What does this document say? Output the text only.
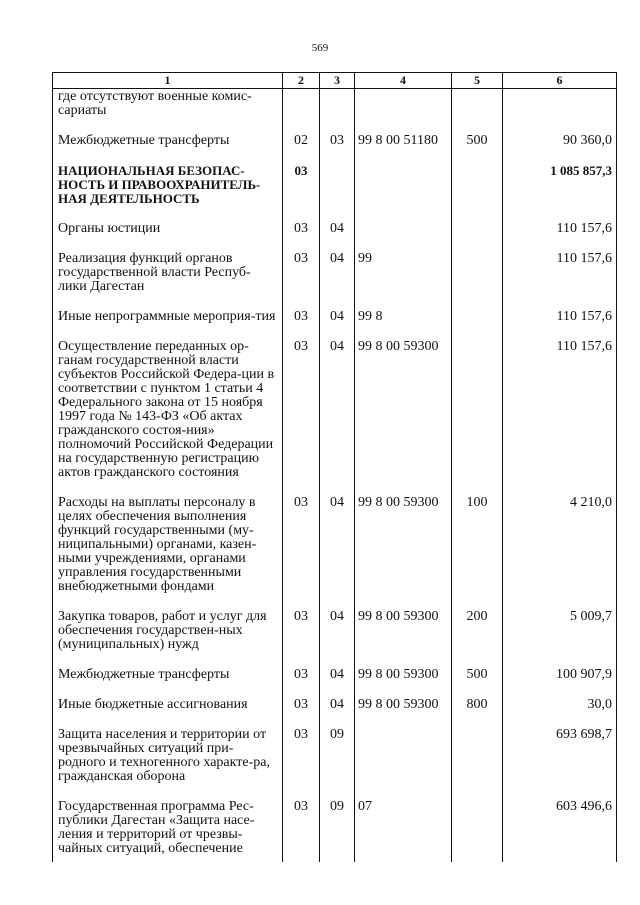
569
1	2	3	4	5	6
где отсутствуют военные комис-сариаты					
Межбюджетные трансферты	02	03	99 8 00 51180	500	90 360,0
НАЦИОНАЛЬНАЯ БЕЗОПАС-НОСТЬ И ПРАВООХРАНИТЕЛЬ-НАЯ ДЕЯТЕЛЬНОСТЬ	03				1 085 857,3
Органы юстиции	03	04			110 157,6
Реализация функций органов государственной власти Респуб-лики Дагестан	03	04	99		110 157,6
Иные непрограммные мероприя-тия	03	04	99 8		110 157,6
Осуществление переданных ор-ганам государственной власти субъектов Российской Федера-ции в соответствии с пунктом 1 статьи 4 Федерального закона от 15 ноября 1997 года № 143-ФЗ «Об актах гражданского состоя-ния» полномочий Российской Федерации на государственную регистрацию актов гражданского состояния	03	04	99 8 00 59300		110 157,6
Расходы на выплаты персоналу в целях обеспечения выполнения функций государственными (му-ниципальными) органами, казен-ными учреждениями, органами управления государственными внебюджетными фондами	03	04	99 8 00 59300	100	4 210,0
Закупка товаров, работ и услуг для обеспечения государствен-ных (муниципальных) нужд	03	04	99 8 00 59300	200	5 009,7
Межбюджетные трансферты	03	04	99 8 00 59300	500	100 907,9
Иные бюджетные ассигнования	03	04	99 8 00 59300	800	30,0
Защита населения и территории от чрезвычайных ситуаций при-родного и техногенного характе-ра, гражданская оборона	03	09			693 698,7
Государственная программа Рес-публики Дагестан «Защита насе-ления и территорий от чрезвы-чайных ситуаций, обеспечение	03	09	07		603 496,6
